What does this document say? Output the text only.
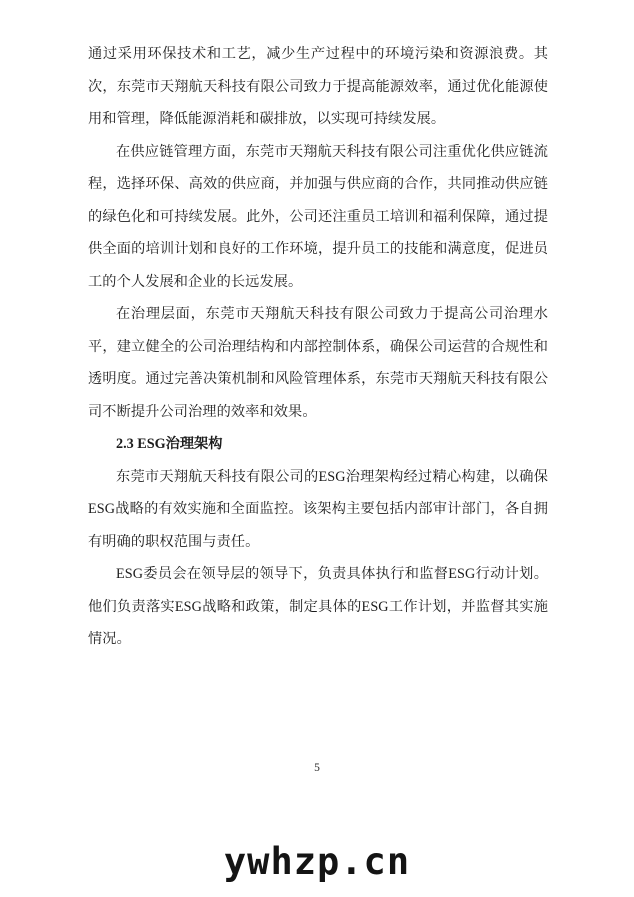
通过采用环保技术和工艺，减少生产过程中的环境污染和资源浪费。其次，东莞市天翔航天科技有限公司致力于提高能源效率，通过优化能源使用和管理，降低能源消耗和碳排放，以实现可持续发展。

在供应链管理方面，东莞市天翔航天科技有限公司注重优化供应链流程，选择环保、高效的供应商，并加强与供应商的合作，共同推动供应链的绿色化和可持续发展。此外，公司还注重员工培训和福利保障，通过提供全面的培训计划和良好的工作环境，提升员工的技能和满意度，促进员工的个人发展和企业的长远发展。

在治理层面，东莞市天翔航天科技有限公司致力于提高公司治理水平，建立健全的公司治理结构和内部控制体系，确保公司运营的合规性和透明度。通过完善决策机制和风险管理体系，东莞市天翔航天科技有限公司不断提升公司治理的效率和效果。

2.3 ESG治理架构

东莞市天翔航天科技有限公司的ESG治理架构经过精心构建，以确保ESG战略的有效实施和全面监控。该架构主要包括内部审计部门，各自拥有明确的职权范围与责任。

ESG委员会在领导层的领导下，负责具体执行和监督ESG行动计划。他们负责落实ESG战略和政策，制定具体的ESG工作计划，并监督其实施情况。

5
ywhzp.cn
